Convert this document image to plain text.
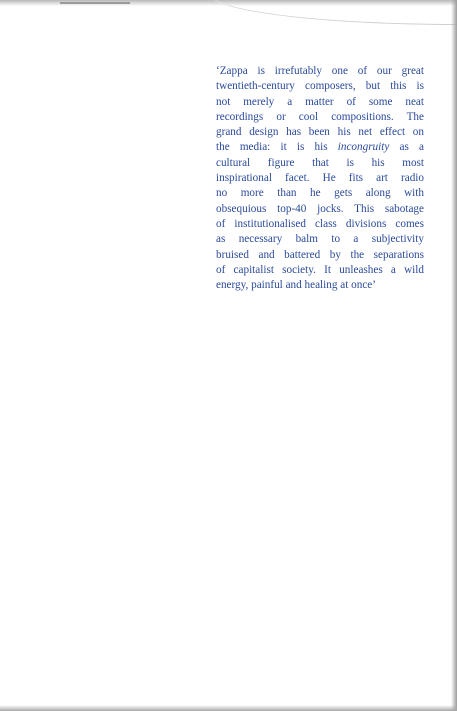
‘Zappa is irrefutably one of our great
twentieth-century composers, but this is
not merely a matter of some neat
recordings or cool compositions. The
grand design has been his net effect on
the media: it is his incongruity as a
cultural figure that is his most
inspirational facet. He fits art radio
no more than he gets along with
obsequious top-40 jocks. This sabotage
of institutionalised class divisions comes
as necessary balm to a subjectivity
bruised and battered by the separations
of capitalist society. It unleashes a wild
energy, painful and healing at once’
